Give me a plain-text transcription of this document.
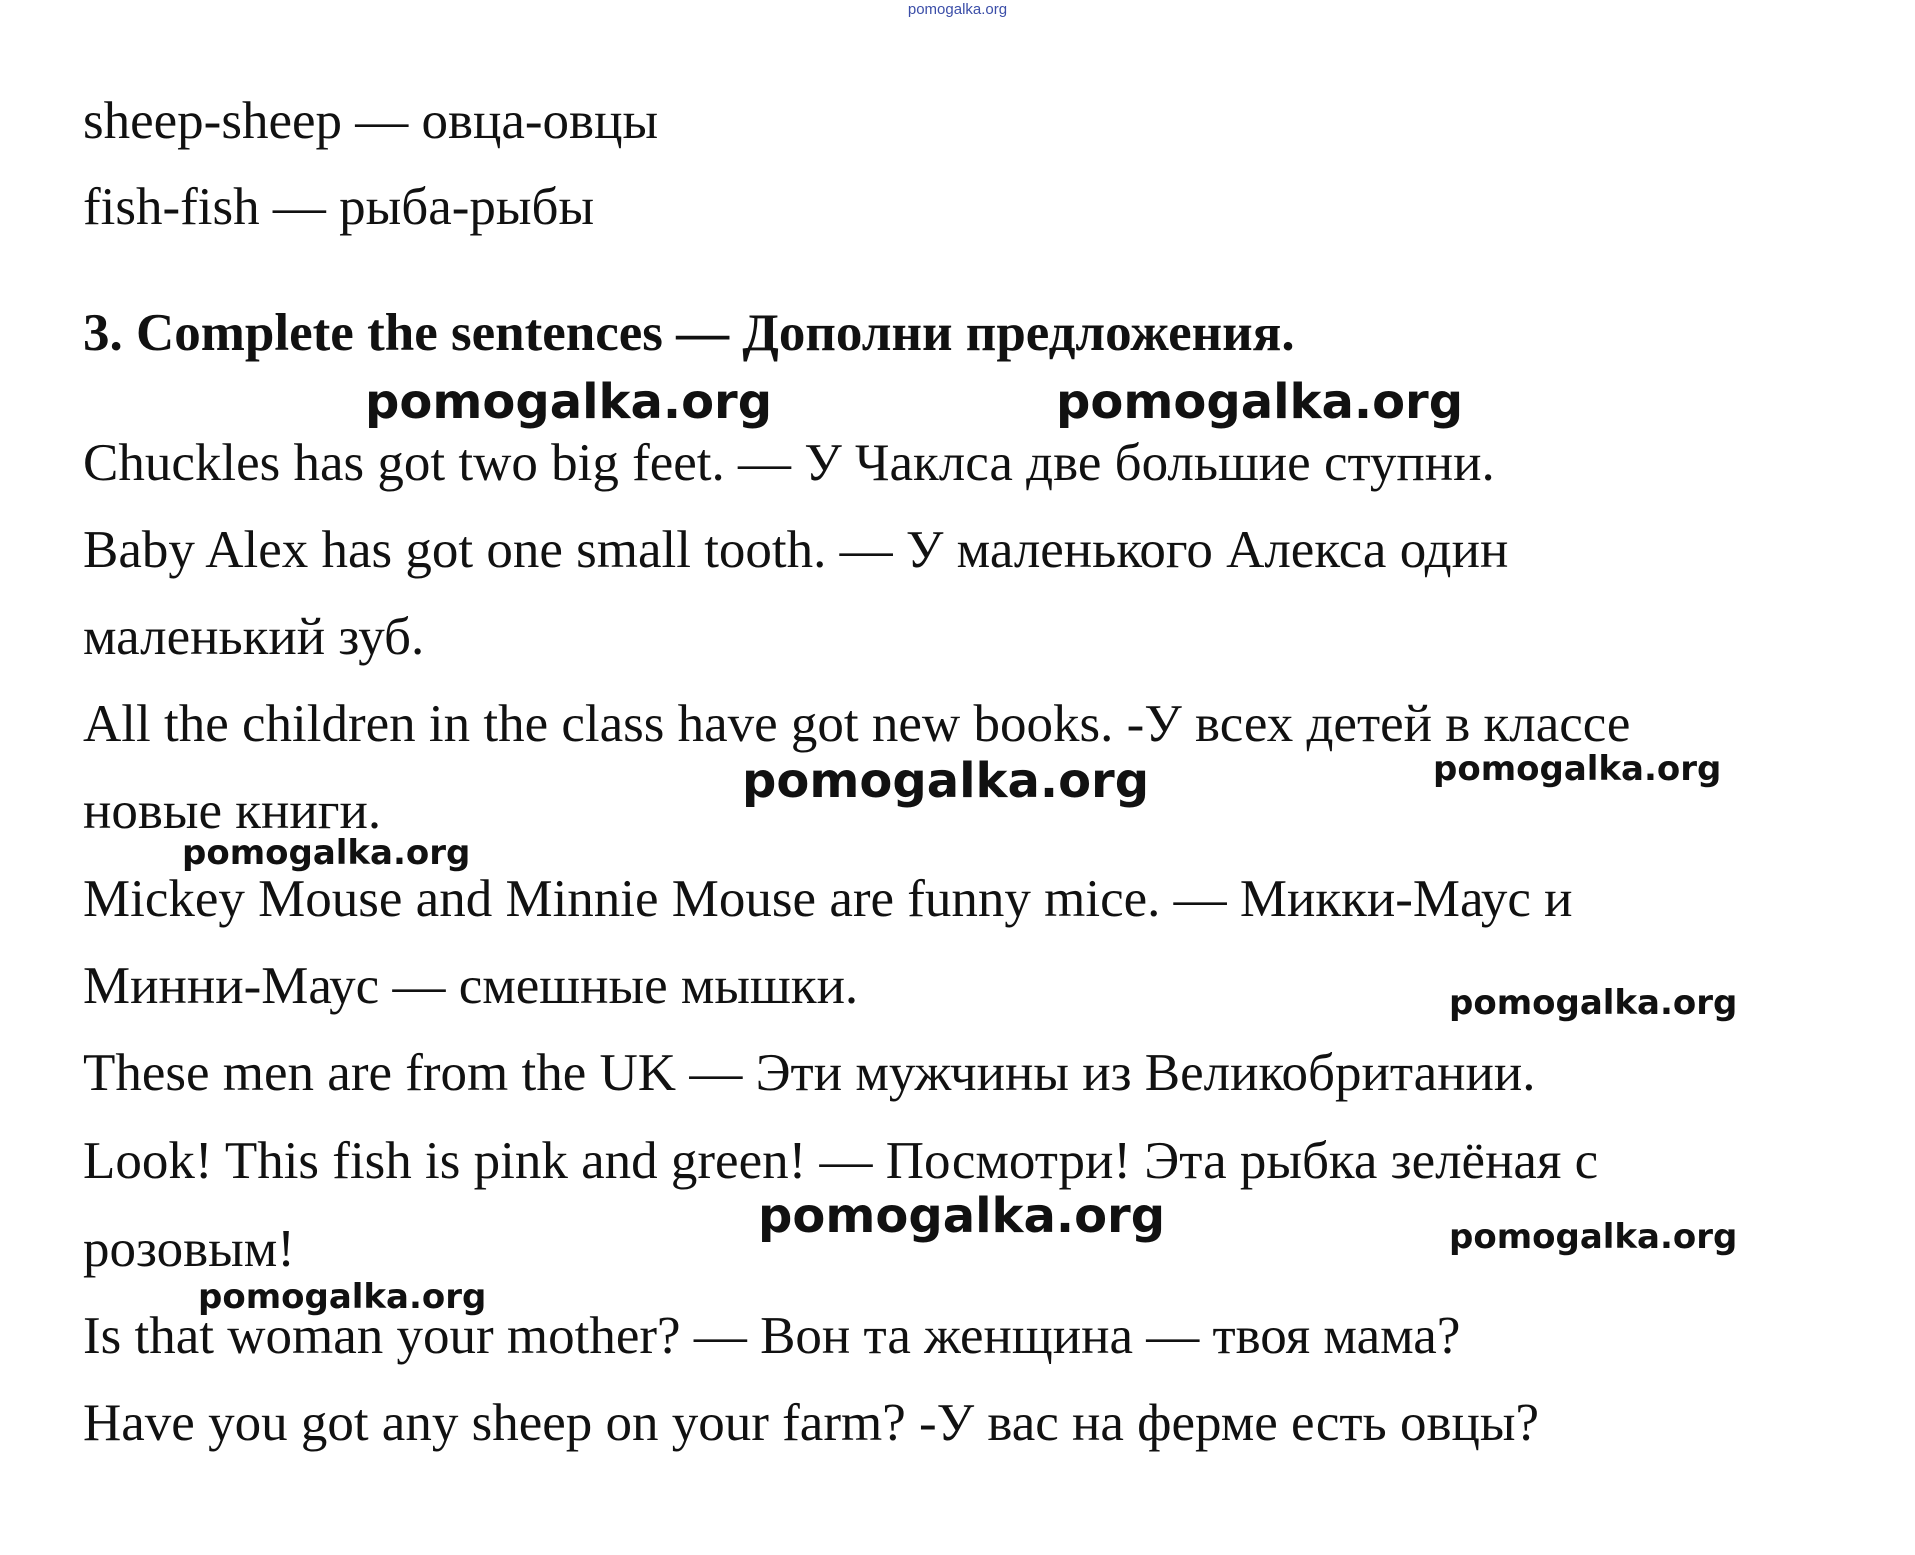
pomogalka.org
sheep-sheep — овца-овцы
fish-fish — рыба-рыбы
3. Complete the sentences — Дополни предложения.
Chuckles has got two big feet. — У Чаклса две большие ступни.
Baby Alex has got one small tooth. — У маленького Алекса один
маленький зуб.
All the children in the class have got new books. -У всех детей в классе
новые книги.
Mickey Mouse and Minnie Mouse are funny mice. — Микки-Маус и
Минни-Маус — смешные мышки.
These men are from the UK — Эти мужчины из Великобритании.
Look! This fish is pink and green! — Посмотри! Эта рыбка зелёная с
розовым!
Is that woman your mother? — Вон та женщина — твоя мама?
Have you got any sheep on your farm? -У вас на ферме есть овцы?
pomogalka.org	pomogalka.org
pomogalka.org	pomogalka.org
pomogalka.org
pomogalka.org
pomogalka.org	pomogalka.org
pomogalka.org
